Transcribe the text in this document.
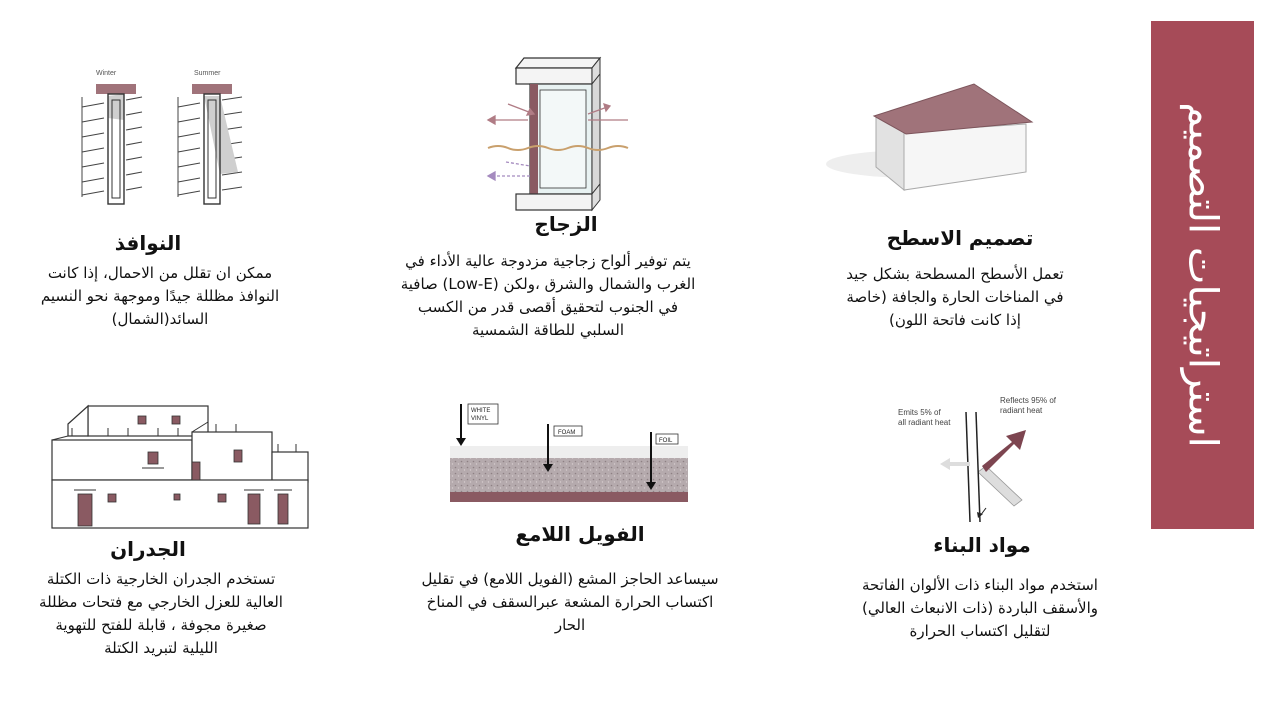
استراتيجيات التصميم
Winter	Summer
النوافذ
ممكن ان تقلل من الاحمال، إذا كانت النوافذ مظللة جيدًا وموجهة نحو النسيم السائد(الشمال)
الزجاج
يتم توفير ألواح زجاجية مزدوجة عالية الأداء في الغرب والشمال والشرق ،ولكن (Low-E) صافية في الجنوب لتحقيق أقصى قدر من الكسب السلبي للطاقة الشمسية
تصميم الاسطح
تعمل الأسطح المسطحة بشكل جيد في المناخات الحارة والجافة (خاصة إذا كانت فاتحة اللون)
الجدران
تستخدم الجدران الخارجية ذات الكتلة العالية للعزل الخارجي مع فتحات مظللة صغيرة مجوفة ، قابلة للفتح للتهوية الليلية لتبريد الكتلة
WHITE
VINYL
FOAM
FOIL
الفويل اللامع
سيساعد الحاجز المشع (الفويل اللامع) في تقليل اكتساب الحرارة المشعة عبرالسقف في المناخ الحار
Reflects 95% of
radiant heat
Emits 5% of
all radiant heat
مواد البناء
استخدم مواد البناء ذات الألوان الفاتحة والأسقف الباردة (ذات الانبعاث العالي) لتقليل اكتساب الحرارة
